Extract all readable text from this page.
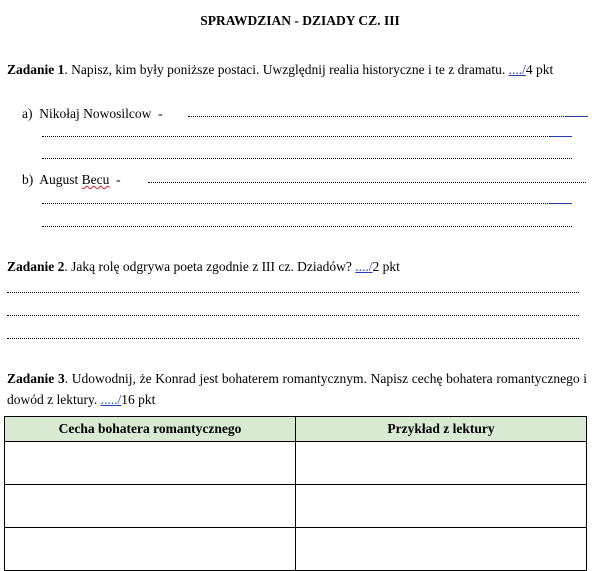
SPRAWDZIAN - DZIADY CZ. III
Zadanie 1. Napisz, kim były poniższe postaci. Uwzględnij realia historyczne i te z dramatu. ..../4 pkt
a) Nikołaj Nowosilcow -
b) August Becu -
Zadanie 2. Jaką rolę odgrywa poeta zgodnie z III cz. Dziadów? ..../2 pkt
Zadanie 3. Udowodnij, że Konrad jest bohaterem romantycznym. Napisz cechę bohatera romantycznego i dowód z lektury. ...../16 pkt
Cecha bohatera romantycznego	Przykład z lektury
